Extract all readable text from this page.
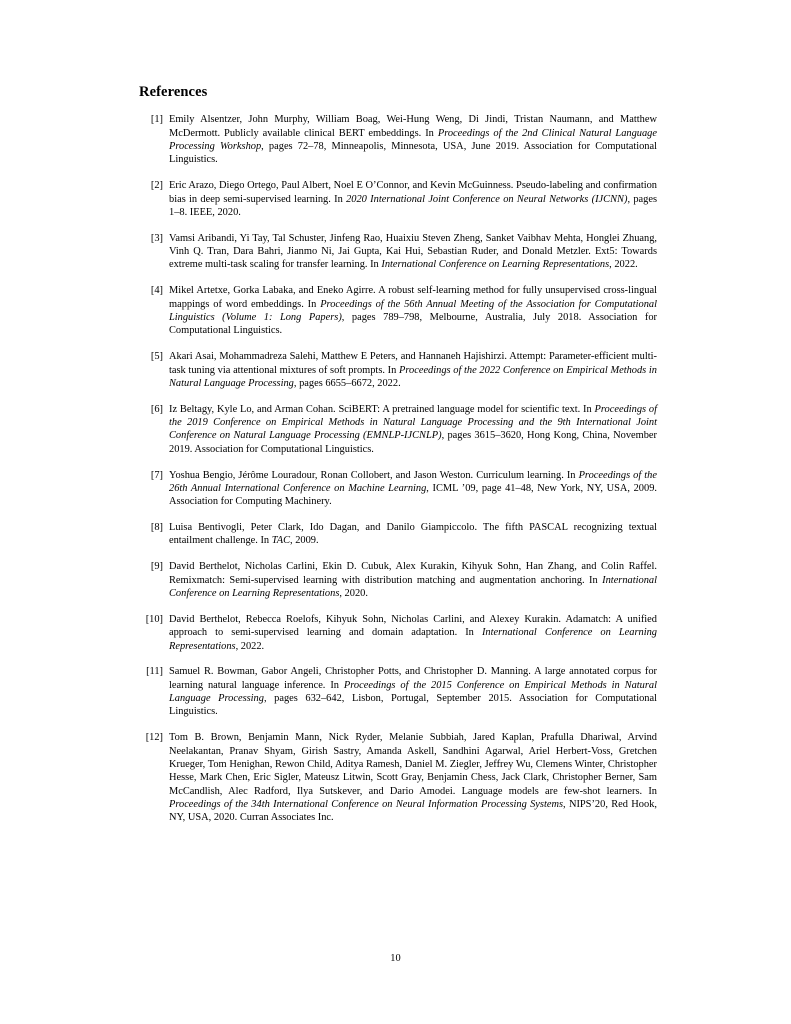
References
[1] Emily Alsentzer, John Murphy, William Boag, Wei-Hung Weng, Di Jindi, Tristan Naumann, and Matthew McDermott. Publicly available clinical BERT embeddings. In Proceedings of the 2nd Clinical Natural Language Processing Workshop, pages 72–78, Minneapolis, Minnesota, USA, June 2019. Association for Computational Linguistics.
[2] Eric Arazo, Diego Ortego, Paul Albert, Noel E O’Connor, and Kevin McGuinness. Pseudo-labeling and confirmation bias in deep semi-supervised learning. In 2020 International Joint Conference on Neural Networks (IJCNN), pages 1–8. IEEE, 2020.
[3] Vamsi Aribandi, Yi Tay, Tal Schuster, Jinfeng Rao, Huaixiu Steven Zheng, Sanket Vaibhav Mehta, Honglei Zhuang, Vinh Q. Tran, Dara Bahri, Jianmo Ni, Jai Gupta, Kai Hui, Sebastian Ruder, and Donald Metzler. Ext5: Towards extreme multi-task scaling for transfer learning. In International Conference on Learning Representations, 2022.
[4] Mikel Artetxe, Gorka Labaka, and Eneko Agirre. A robust self-learning method for fully unsupervised cross-lingual mappings of word embeddings. In Proceedings of the 56th Annual Meeting of the Association for Computational Linguistics (Volume 1: Long Papers), pages 789–798, Melbourne, Australia, July 2018. Association for Computational Linguistics.
[5] Akari Asai, Mohammadreza Salehi, Matthew E Peters, and Hannaneh Hajishirzi. Attempt: Parameter-efficient multi-task tuning via attentional mixtures of soft prompts. In Proceedings of the 2022 Conference on Empirical Methods in Natural Language Processing, pages 6655–6672, 2022.
[6] Iz Beltagy, Kyle Lo, and Arman Cohan. SciBERT: A pretrained language model for scientific text. In Proceedings of the 2019 Conference on Empirical Methods in Natural Language Processing and the 9th International Joint Conference on Natural Language Processing (EMNLP-IJCNLP), pages 3615–3620, Hong Kong, China, November 2019. Association for Computational Linguistics.
[7] Yoshua Bengio, Jérôme Louradour, Ronan Collobert, and Jason Weston. Curriculum learning. In Proceedings of the 26th Annual International Conference on Machine Learning, ICML ’09, page 41–48, New York, NY, USA, 2009. Association for Computing Machinery.
[8] Luisa Bentivogli, Peter Clark, Ido Dagan, and Danilo Giampiccolo. The fifth PASCAL recognizing textual entailment challenge. In TAC, 2009.
[9] David Berthelot, Nicholas Carlini, Ekin D. Cubuk, Alex Kurakin, Kihyuk Sohn, Han Zhang, and Colin Raffel. Remixmatch: Semi-supervised learning with distribution matching and augmentation anchoring. In International Conference on Learning Representations, 2020.
[10] David Berthelot, Rebecca Roelofs, Kihyuk Sohn, Nicholas Carlini, and Alexey Kurakin. Adamatch: A unified approach to semi-supervised learning and domain adaptation. In International Conference on Learning Representations, 2022.
[11] Samuel R. Bowman, Gabor Angeli, Christopher Potts, and Christopher D. Manning. A large annotated corpus for learning natural language inference. In Proceedings of the 2015 Conference on Empirical Methods in Natural Language Processing, pages 632–642, Lisbon, Portugal, September 2015. Association for Computational Linguistics.
[12] Tom B. Brown, Benjamin Mann, Nick Ryder, Melanie Subbiah, Jared Kaplan, Prafulla Dhariwal, Arvind Neelakantan, Pranav Shyam, Girish Sastry, Amanda Askell, Sandhini Agarwal, Ariel Herbert-Voss, Gretchen Krueger, Tom Henighan, Rewon Child, Aditya Ramesh, Daniel M. Ziegler, Jeffrey Wu, Clemens Winter, Christopher Hesse, Mark Chen, Eric Sigler, Mateusz Litwin, Scott Gray, Benjamin Chess, Jack Clark, Christopher Berner, Sam McCandlish, Alec Radford, Ilya Sutskever, and Dario Amodei. Language models are few-shot learners. In Proceedings of the 34th International Conference on Neural Information Processing Systems, NIPS’20, Red Hook, NY, USA, 2020. Curran Associates Inc.
10
